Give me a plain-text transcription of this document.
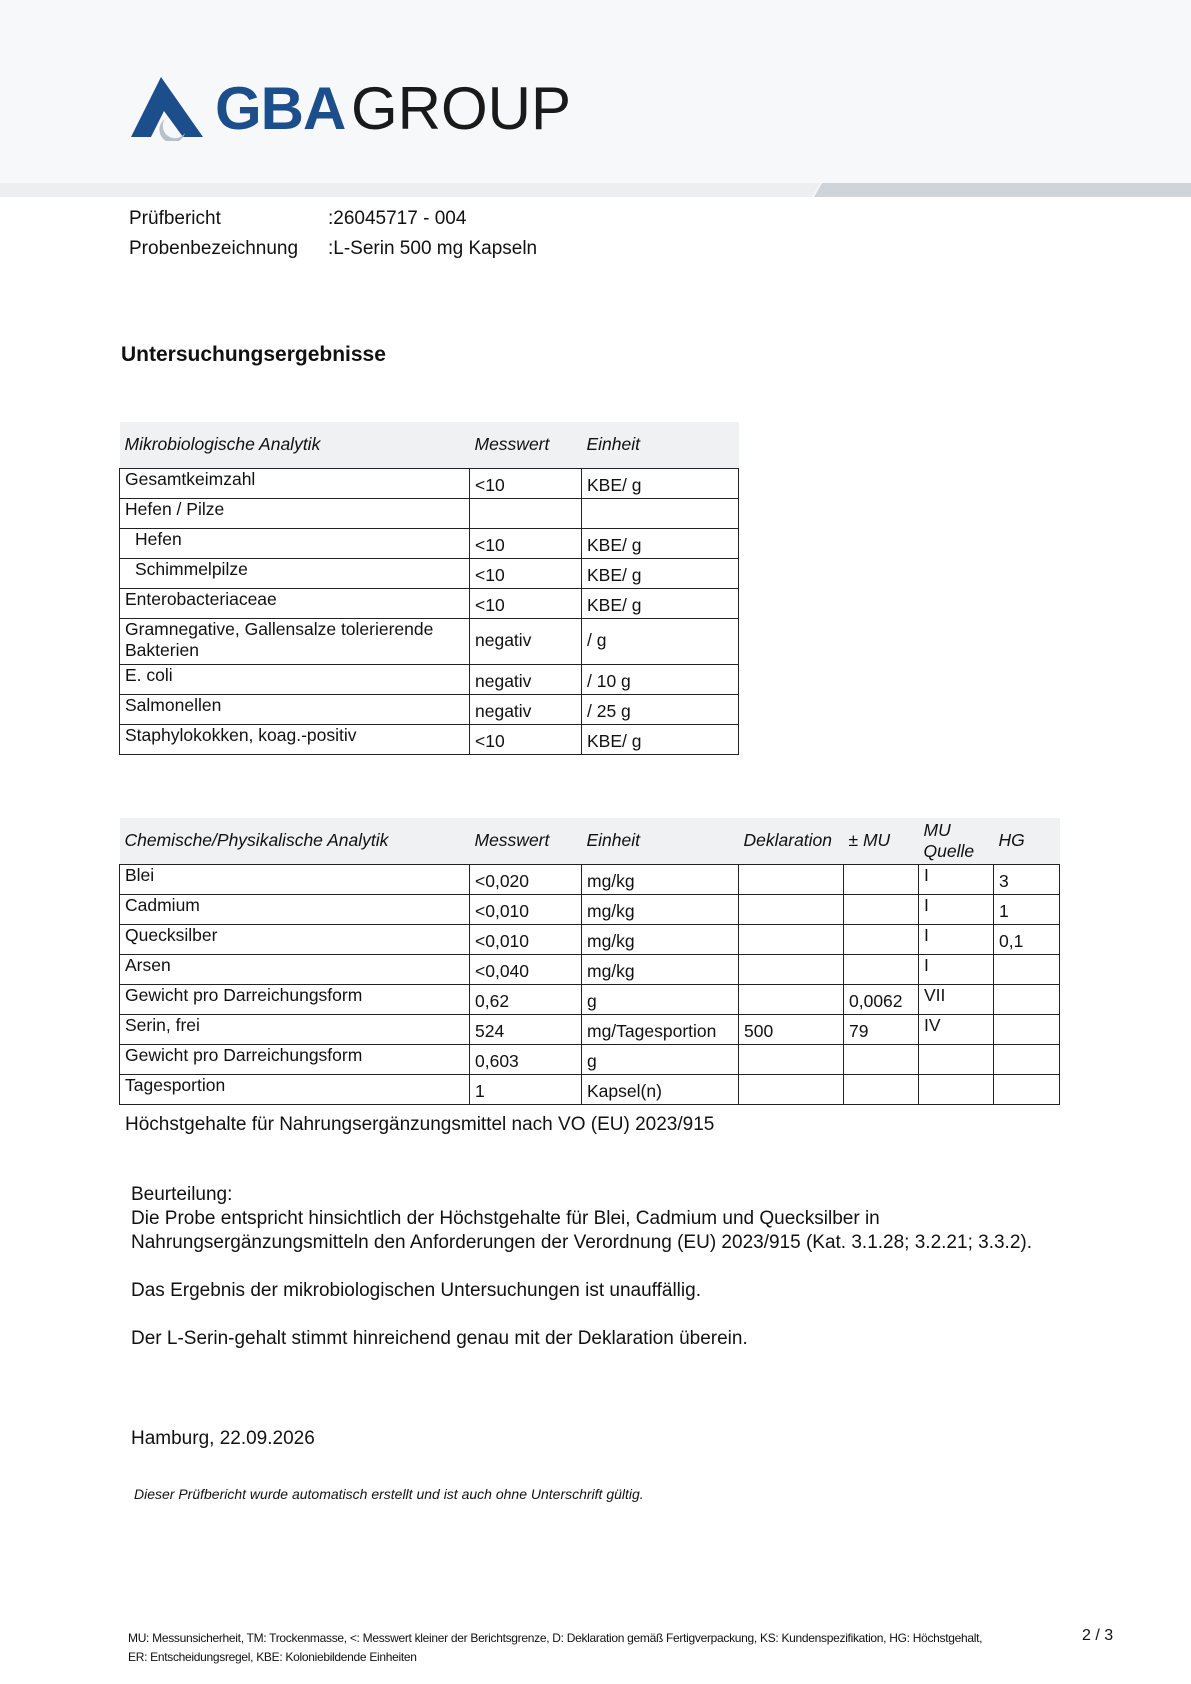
GBA GROUP
Prüfbericht	:26045717 - 004
Probenbezeichnung :L-Serin 500 mg Kapseln
Untersuchungsergebnisse
Mikrobiologische Analytik	Messwert	Einheit
Gesamtkeimzahl	<10	KBE/ g
Hefen / Pilze		
Hefen	<10	KBE/ g
Schimmelpilze	<10	KBE/ g
Enterobacteriaceae	<10	KBE/ g
Gramnegative, Gallensalze tolerierende Bakterien	negativ	/ g
E. coli	negativ	/ 10 g
Salmonellen	negativ	/ 25 g
Staphylokokken, koag.-positiv	<10	KBE/ g
Chemische/Physikalische Analytik	Messwert	Einheit	Deklaration	± MU	MU Quelle	HG
Blei	<0,020	mg/kg			I	3
Cadmium	<0,010	mg/kg			I	1
Quecksilber	<0,010	mg/kg			I	0,1
Arsen	<0,040	mg/kg			I	
Gewicht pro Darreichungsform	0,62	g		0,0062	VII	
Serin, frei	524	mg/Tagesportion	500	79	IV	
Gewicht pro Darreichungsform	0,603	g				
Tagesportion	1	Kapsel(n)				
Höchstgehalte für Nahrungsergänzungsmittel nach VO (EU) 2023/915
Beurteilung:
Die Probe entspricht hinsichtlich der Höchstgehalte für Blei, Cadmium und Quecksilber in
Nahrungsergänzungsmitteln den Anforderungen der Verordnung (EU) 2023/915 (Kat. 3.1.28; 3.2.21; 3.3.2).
Das Ergebnis der mikrobiologischen Untersuchungen ist unauffällig.
Der L-Serin-gehalt stimmt hinreichend genau mit der Deklaration überein.
Hamburg, 22.09.2026
Dieser Prüfbericht wurde automatisch erstellt und ist auch ohne Unterschrift gültig.
MU: Messunsicherheit, TM: Trockenmasse, <: Messwert kleiner der Berichtsgrenze, D: Deklaration gemäß Fertigverpackung, KS: Kundenspezifikation, HG: Höchstgehalt,
ER: Entscheidungsregel, KBE: Koloniebildende Einheiten
2 / 3
